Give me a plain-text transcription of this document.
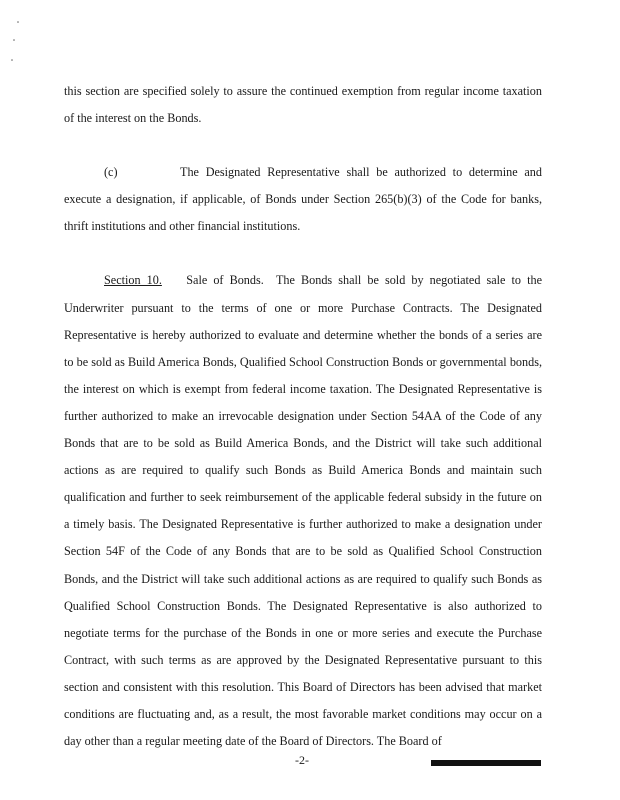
this section are specified solely to assure the continued exemption from regular income taxation of the interest on the Bonds.

(c)	The Designated Representative shall be authorized to determine and execute a designation, if applicable, of Bonds under Section 265(b)(3) of the Code for banks, thrift institutions and other financial institutions.

Section 10. Sale of Bonds. The Bonds shall be sold by negotiated sale to the Underwriter pursuant to the terms of one or more Purchase Contracts. The Designated Representative is hereby authorized to evaluate and determine whether the bonds of a series are to be sold as Build America Bonds, Qualified School Construction Bonds or governmental bonds, the interest on which is exempt from federal income taxation. The Designated Representative is further authorized to make an irrevocable designation under Section 54AA of the Code of any Bonds that are to be sold as Build America Bonds, and the District will take such additional actions as are required to qualify such Bonds as Build America Bonds and maintain such qualification and further to seek reimbursement of the applicable federal subsidy in the future on a timely basis. The Designated Representative is further authorized to make a designation under Section 54F of the Code of any Bonds that are to be sold as Qualified School Construction Bonds, and the District will take such additional actions as are required to qualify such Bonds as Qualified School Construction Bonds. The Designated Representative is also authorized to negotiate terms for the purchase of the Bonds in one or more series and execute the Purchase Contract, with such terms as are approved by the Designated Representative pursuant to this section and consistent with this resolution. This Board of Directors has been advised that market conditions are fluctuating and, as a result, the most favorable market conditions may occur on a day other than a regular meeting date of the Board of Directors. The Board of

-2-
